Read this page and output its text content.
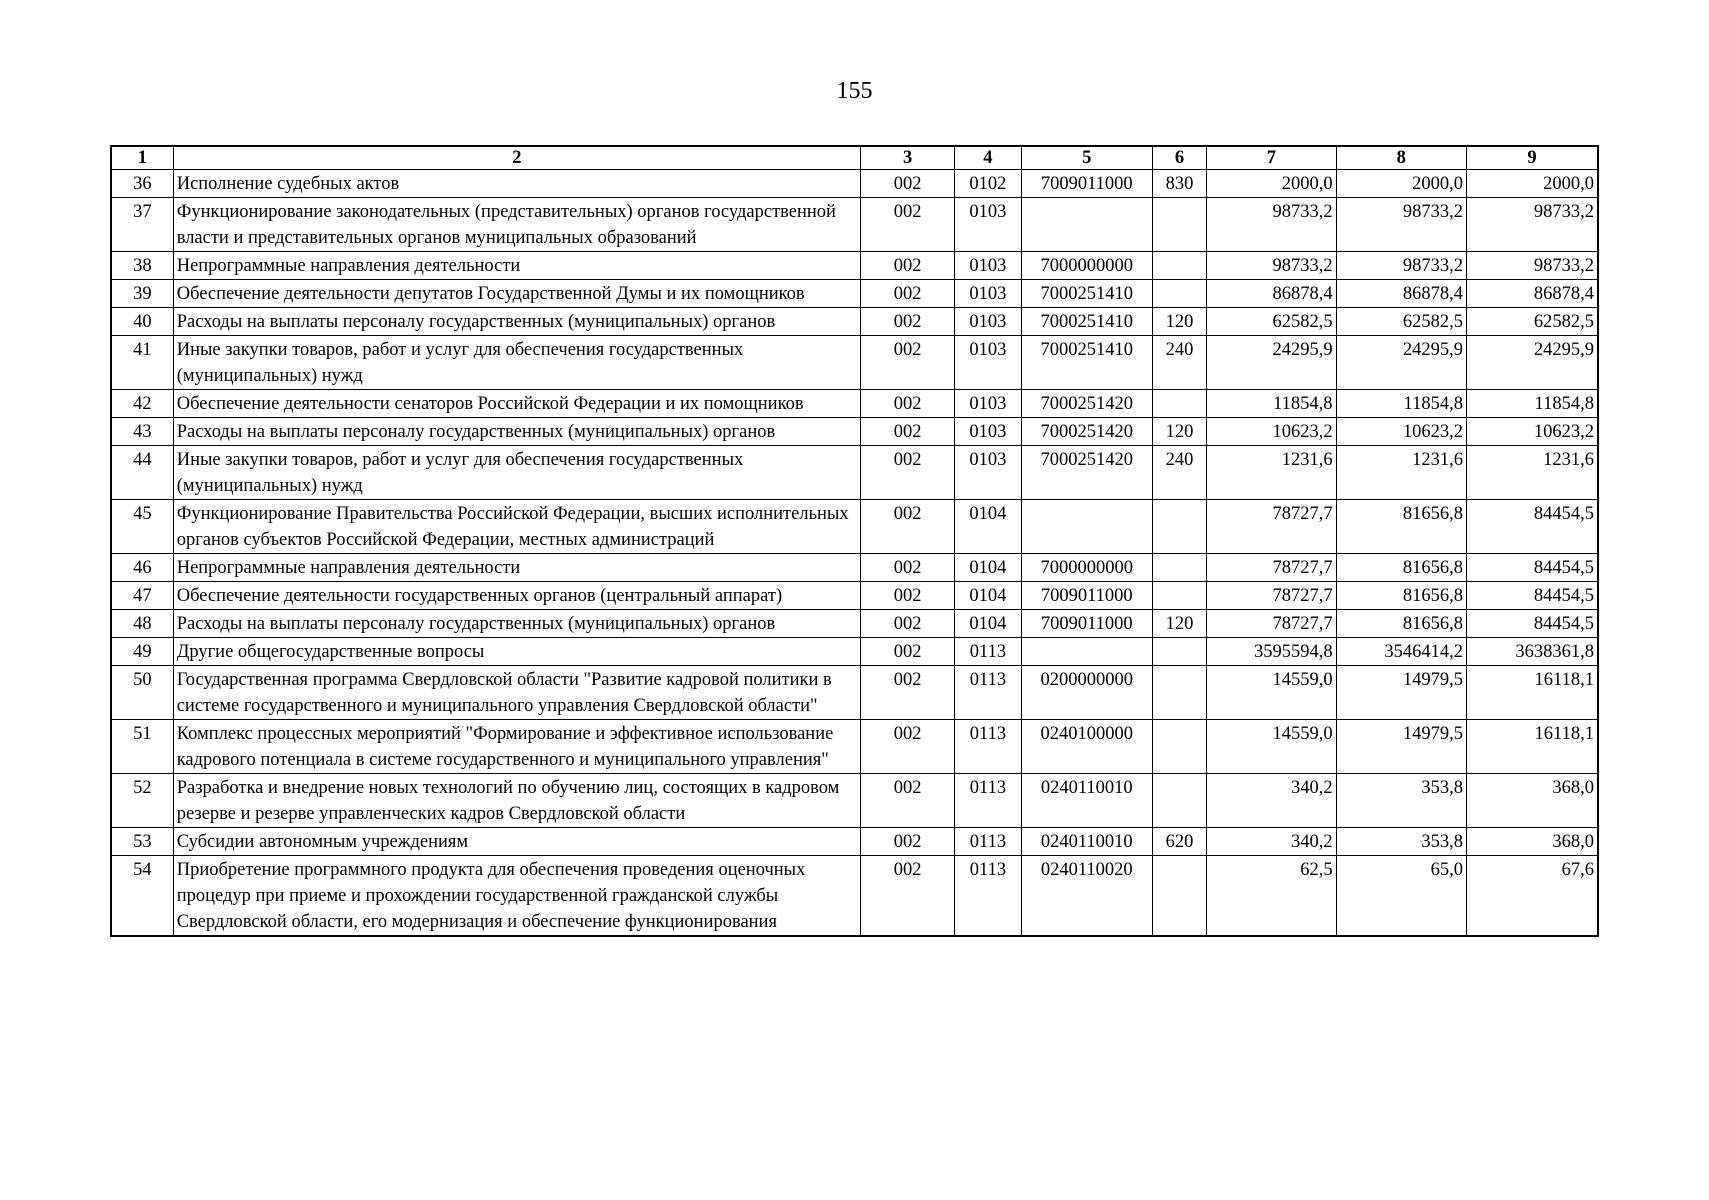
155
1	2	3	4	5	6	7	8	9
36	Исполнение судебных актов	002	0102	7009011000	830	2000,0	2000,0	2000,0
37	Функционирование законодательных (представительных) органов государственной власти и представительных органов муниципальных образований	002	0103			98733,2	98733,2	98733,2
38	Непрограммные направления деятельности	002	0103	7000000000		98733,2	98733,2	98733,2
39	Обеспечение деятельности депутатов Государственной Думы и их помощников	002	0103	7000251410		86878,4	86878,4	86878,4
40	Расходы на выплаты персоналу государственных (муниципальных) органов	002	0103	7000251410	120	62582,5	62582,5	62582,5
41	Иные закупки товаров, работ и услуг для обеспечения государственных (муниципальных) нужд	002	0103	7000251410	240	24295,9	24295,9	24295,9
42	Обеспечение деятельности сенаторов Российской Федерации и их помощников	002	0103	7000251420		11854,8	11854,8	11854,8
43	Расходы на выплаты персоналу государственных (муниципальных) органов	002	0103	7000251420	120	10623,2	10623,2	10623,2
44	Иные закупки товаров, работ и услуг для обеспечения государственных (муниципальных) нужд	002	0103	7000251420	240	1231,6	1231,6	1231,6
45	Функционирование Правительства Российской Федерации, высших исполнительных органов субъектов Российской Федерации, местных администраций	002	0104			78727,7	81656,8	84454,5
46	Непрограммные направления деятельности	002	0104	7000000000		78727,7	81656,8	84454,5
47	Обеспечение деятельности государственных органов (центральный аппарат)	002	0104	7009011000		78727,7	81656,8	84454,5
48	Расходы на выплаты персоналу государственных (муниципальных) органов	002	0104	7009011000	120	78727,7	81656,8	84454,5
49	Другие общегосударственные вопросы	002	0113			3595594,8	3546414,2	3638361,8
50	Государственная программа Свердловской области "Развитие кадровой политики в системе государственного и муниципального управления Свердловской области"	002	0113	0200000000		14559,0	14979,5	16118,1
51	Комплекс процессных мероприятий "Формирование и эффективное использование кадрового потенциала в системе государственного и муниципального управления"	002	0113	0240100000		14559,0	14979,5	16118,1
52	Разработка и внедрение новых технологий по обучению лиц, состоящих в кадровом резерве и резерве управленческих кадров Свердловской области	002	0113	0240110010		340,2	353,8	368,0
53	Субсидии автономным учреждениям	002	0113	0240110010	620	340,2	353,8	368,0
54	Приобретение программного продукта для обеспечения проведения оценочных процедур при приеме и прохождении государственной гражданской службы Свердловской области, его модернизация и обеспечение функционирования	002	0113	0240110020		62,5	65,0	67,6
